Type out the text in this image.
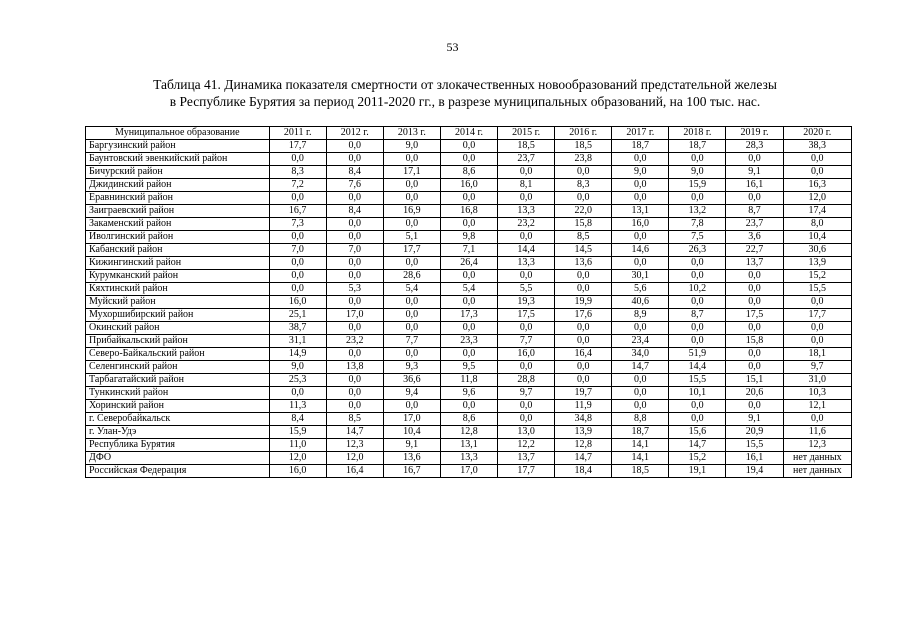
53
Таблица 41. Динамика показателя смертности от злокачественных новообразований предстательной железы
в Республике Бурятия за период 2011-2020 гг., в разрезе муниципальных образований, на 100 тыс. нас.
Муниципальное образование	2011 г.	2012 г.	2013 г.	2014 г.	2015 г.	2016 г.	2017 г.	2018 г.	2019 г.	2020 г.
Баргузинский район	17,7	0,0	9,0	0,0	18,5	18,5	18,7	18,7	28,3	38,3
Баунтовский эвенкийский район	0,0	0,0	0,0	0,0	23,7	23,8	0,0	0,0	0,0	0,0
Бичурский район	8,3	8,4	17,1	8,6	0,0	0,0	9,0	9,0	9,1	0,0
Джидинский район	7,2	7,6	0,0	16,0	8,1	8,3	0,0	15,9	16,1	16,3
Еравнинский район	0,0	0,0	0,0	0,0	0,0	0,0	0,0	0,0	0,0	12,0
Заиграевский район	16,7	8,4	16,9	16,8	13,3	22,0	13,1	13,2	8,7	17,4
Закаменский район	7,3	0,0	0,0	0,0	23,2	15,8	16,0	7,8	23,7	8,0
Иволгинский район	0,0	0,0	5,1	9,8	0,0	8,5	0,0	7,5	3,6	10,4
Кабанский район	7,0	7,0	17,7	7,1	14,4	14,5	14,6	26,3	22,7	30,6
Кижингинский район	0,0	0,0	0,0	26,4	13,3	13,6	0,0	0,0	13,7	13,9
Курумканский район	0,0	0,0	28,6	0,0	0,0	0,0	30,1	0,0	0,0	15,2
Кяхтинский район	0,0	5,3	5,4	5,4	5,5	0,0	5,6	10,2	0,0	15,5
Муйский район	16,0	0,0	0,0	0,0	19,3	19,9	40,6	0,0	0,0	0,0
Мухоршибирский район	25,1	17,0	0,0	17,3	17,5	17,6	8,9	8,7	17,5	17,7
Окинский район	38,7	0,0	0,0	0,0	0,0	0,0	0,0	0,0	0,0	0,0
Прибайкальский район	31,1	23,2	7,7	23,3	7,7	0,0	23,4	0,0	15,8	0,0
Северо-Байкальский район	14,9	0,0	0,0	0,0	16,0	16,4	34,0	51,9	0,0	18,1
Селенгинский район	9,0	13,8	9,3	9,5	0,0	0,0	14,7	14,4	0,0	9,7
Тарбагатайский район	25,3	0,0	36,6	11,8	28,8	0,0	0,0	15,5	15,1	31,0
Тункинский район	0,0	0,0	9,4	9,6	9,7	19,7	0,0	10,1	20,6	10,3
Хоринский район	11,3	0,0	0,0	0,0	0,0	11,9	0,0	0,0	0,0	12,1
г. Северобайкальск	8,4	8,5	17,0	8,6	0,0	34,8	8,8	0,0	9,1	0,0
г. Улан-Удэ	15,9	14,7	10,4	12,8	13,0	13,9	18,7	15,6	20,9	11,6
Республика Бурятия	11,0	12,3	9,1	13,1	12,2	12,8	14,1	14,7	15,5	12,3
ДФО	12,0	12,0	13,6	13,3	13,7	14,7	14,1	15,2	16,1	нет данных
Российская Федерация	16,0	16,4	16,7	17,0	17,7	18,4	18,5	19,1	19,4	нет данных
